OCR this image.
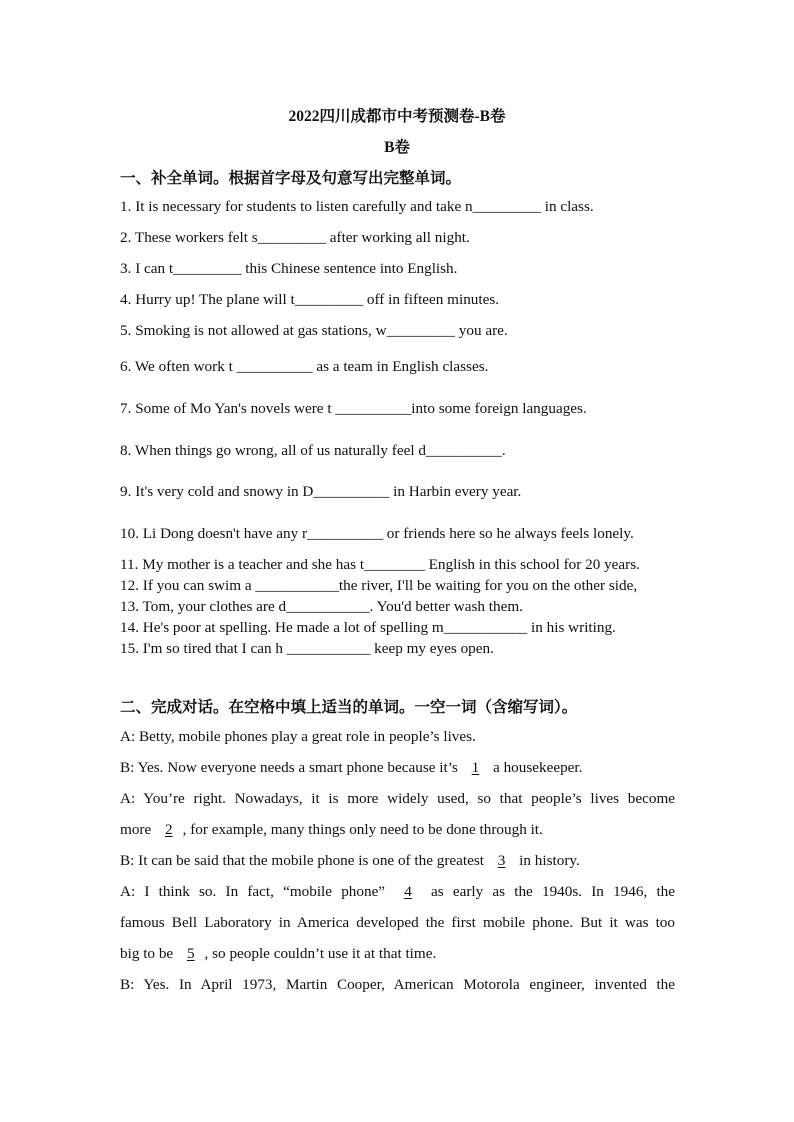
2022四川成都市中考预测卷-B卷
B卷
一、补全单词。根据首字母及句意写出完整单词。
1. It is necessary for students to listen carefully and take n_________ in class.
2. These workers felt s_________ after working all night.
3. I can t_________ this Chinese sentence into English.
4. Hurry up! The plane will t_________ off in fifteen minutes.
5. Smoking is not allowed at gas stations, w_________ you are.
6. We often work t __________ as a team in English classes.
7. Some of Mo Yan's novels were t __________into some foreign languages.
8. When things go wrong, all of us naturally feel d__________.
9. It's very cold and snowy in D__________ in Harbin every year.
10. Li Dong doesn't have any r__________ or friends here so he always feels lonely.
11. My mother is a teacher and she has t________ English in this school for 20 years.
12. If you can swim a ___________the river, I'll be waiting for you on the other side,
13. Tom, your clothes are d___________. You'd better wash them.
14. He's poor at spelling. He made a lot of spelling m___________ in his writing.
15. I'm so tired that I can h ___________ keep my eyes open.
二、完成对话。在空格中填上适当的单词。一空一词（含缩写词）。
A: Betty, mobile phones play a great role in people’s lives.
B: Yes. Now everyone needs a smart phone because it’s 1 a housekeeper.
A: You’re right. Nowadays, it is more widely used, so that people’s lives become
more 2 , for example, many things only need to be done through it.
B: It can be said that the mobile phone is one of the greatest 3 in history.
A: I think so. In fact, “mobile phone” 4 as early as the 1940s. In 1946, the
famous Bell Laboratory in America developed the first mobile phone. But it was too
big to be 5 , so people couldn’t use it at that time.
B: Yes. In April 1973, Martin Cooper, American Motorola engineer, invented the
